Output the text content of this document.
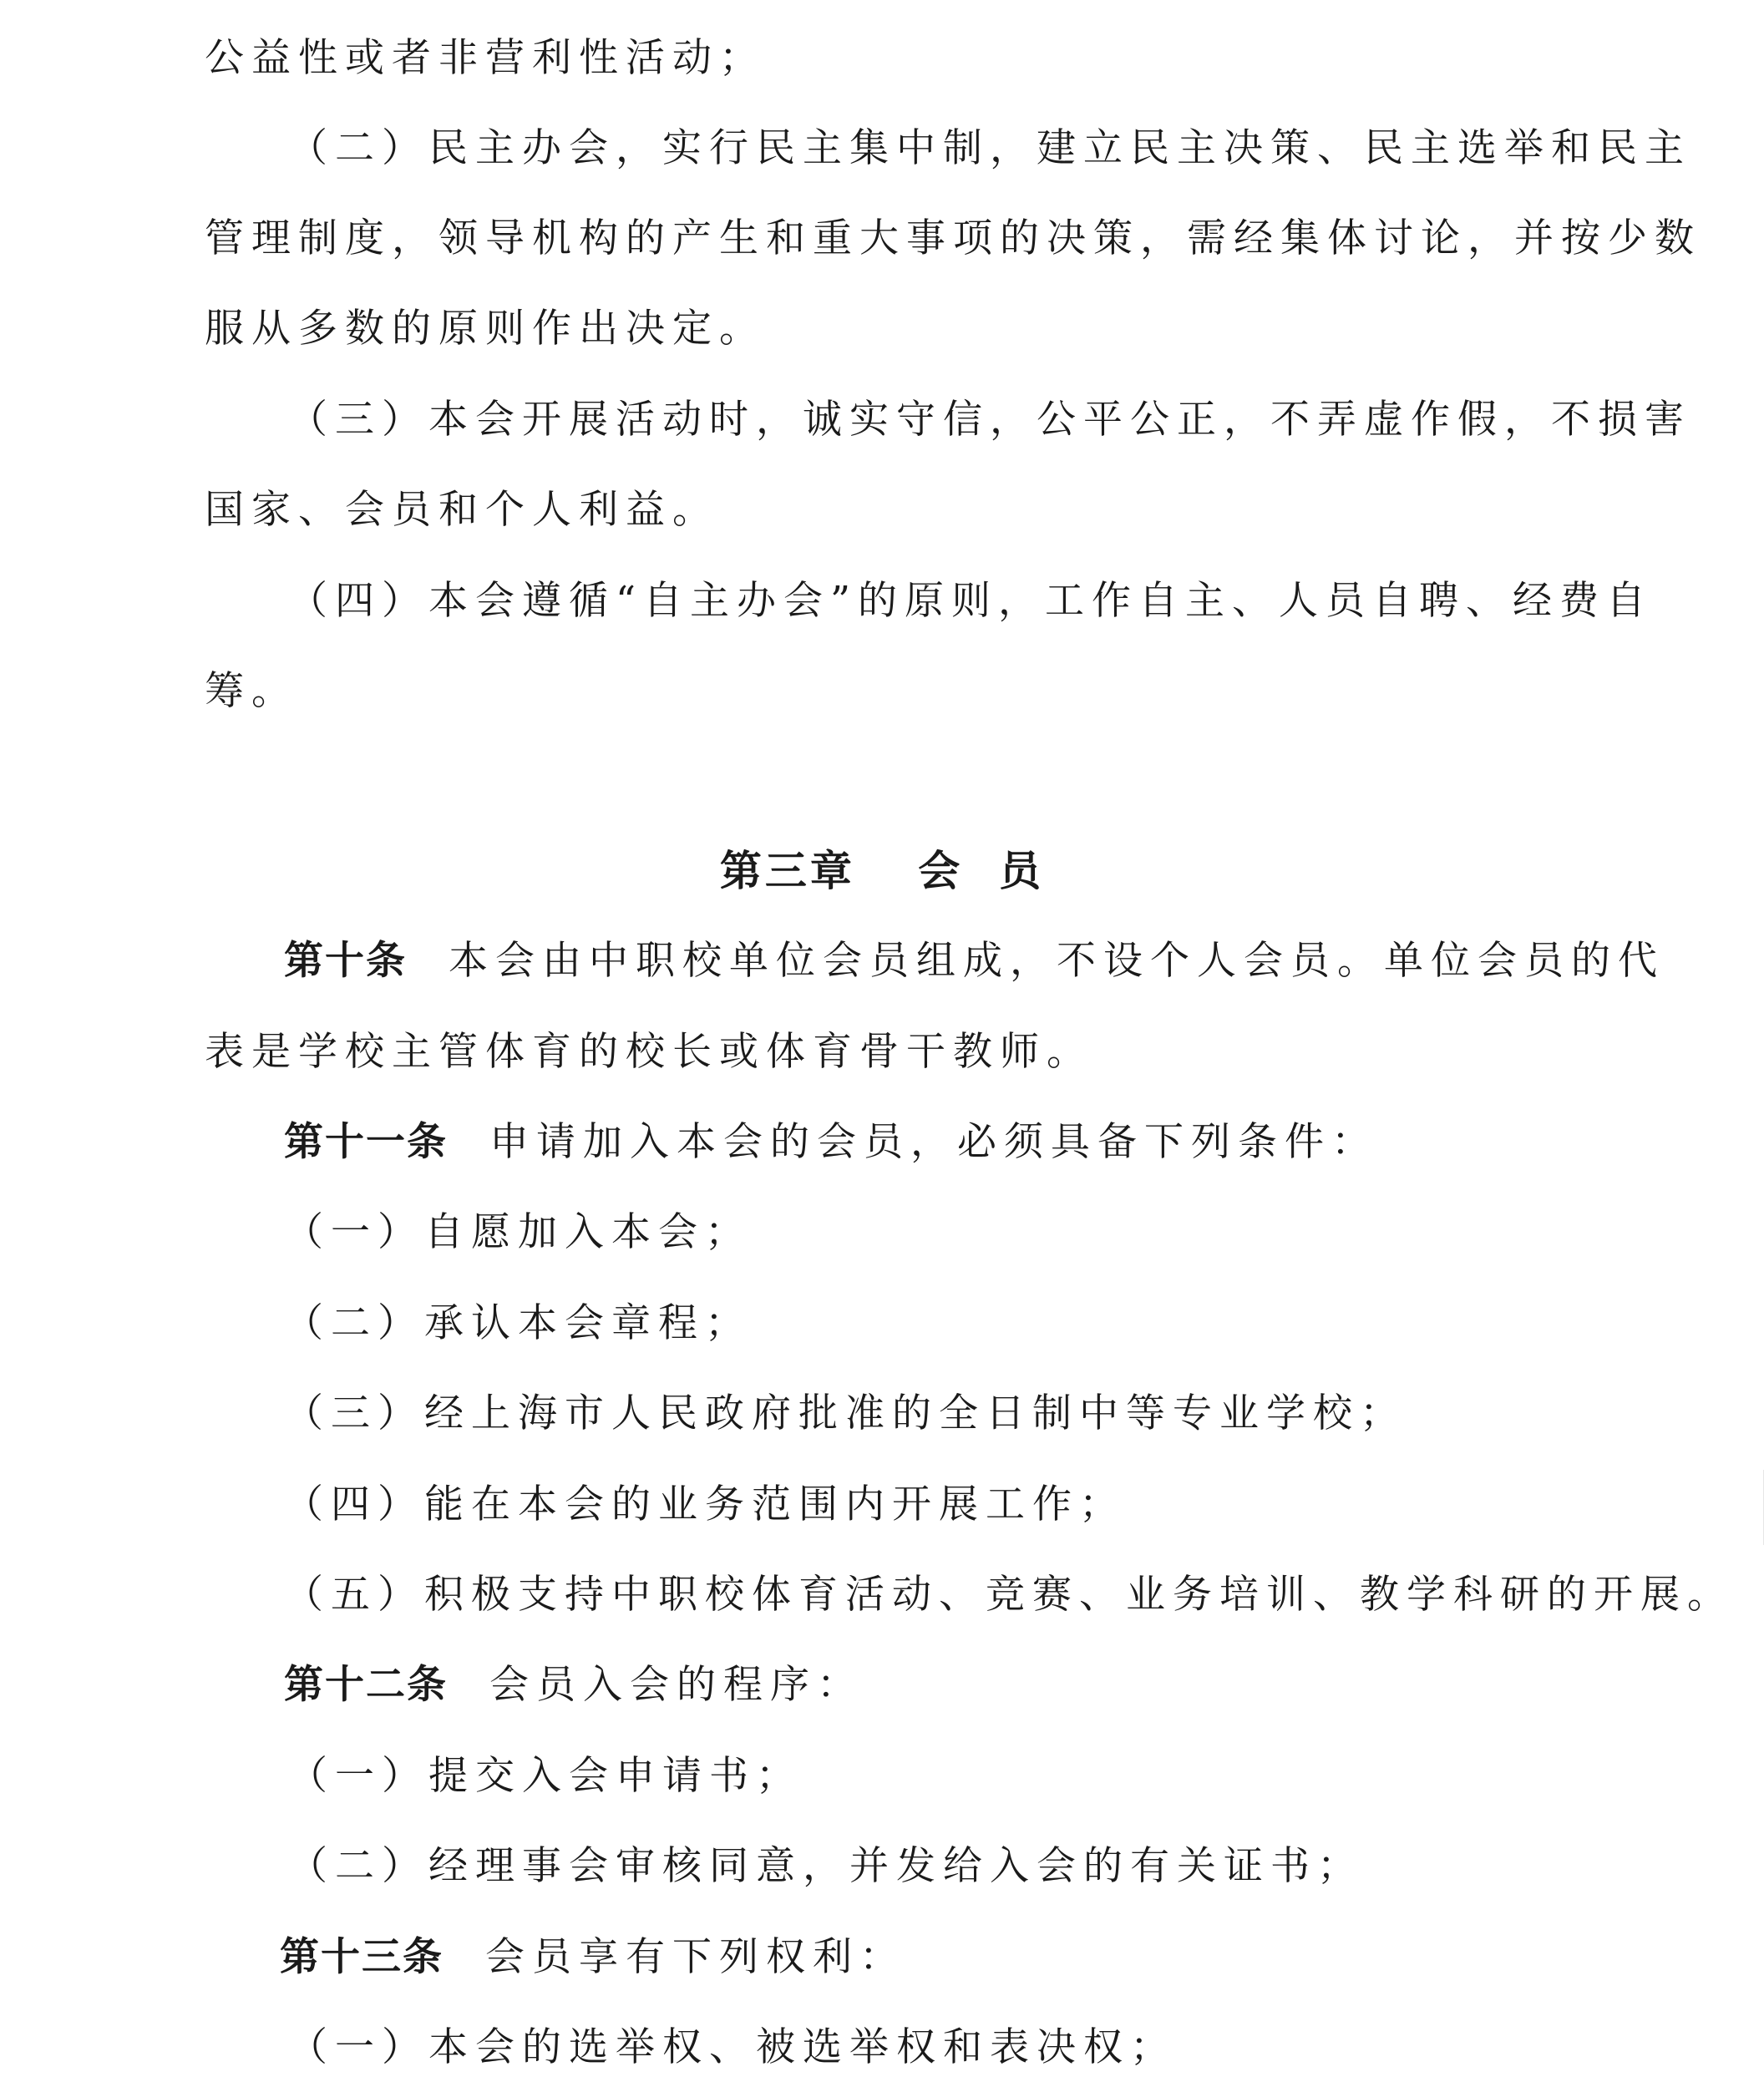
公益性或者非营利性活动；
（二）民主办会，实行民主集中制，建立民主决策、民主选举和民主
管理制度，领导机构的产生和重大事项的决策，需经集体讨论，并按少数
服从多数的原则作出决定。
（三）本会开展活动时，诚实守信，公平公正，不弄虚作假，不损害
国家、会员和个人利益。
（四）本会遵循“自主办会”的原则，工作自主、人员自聘、经费自
筹。
第三章　 会  员
第十条 本会由中职校单位会员组成，不设个人会员。单位会员的代
表是学校主管体育的校长或体育骨干教师。
第十一条 申请加入本会的会员，必须具备下列条件：
（一）自愿加入本会；
（二）承认本会章程；
（三）经上海市人民政府批准的全日制中等专业学校；
（四）能在本会的业务范围内开展工作；
（五）积极支持中职校体育活动、竞赛、业务培训、教学科研的开展。
第十二条 会员入会的程序：
（一）提交入会申请书；
（二）经理事会审核同意，并发给入会的有关证书；
第十三条 会员享有下列权利：
（一）本会的选举权、被选举权和表决权；
